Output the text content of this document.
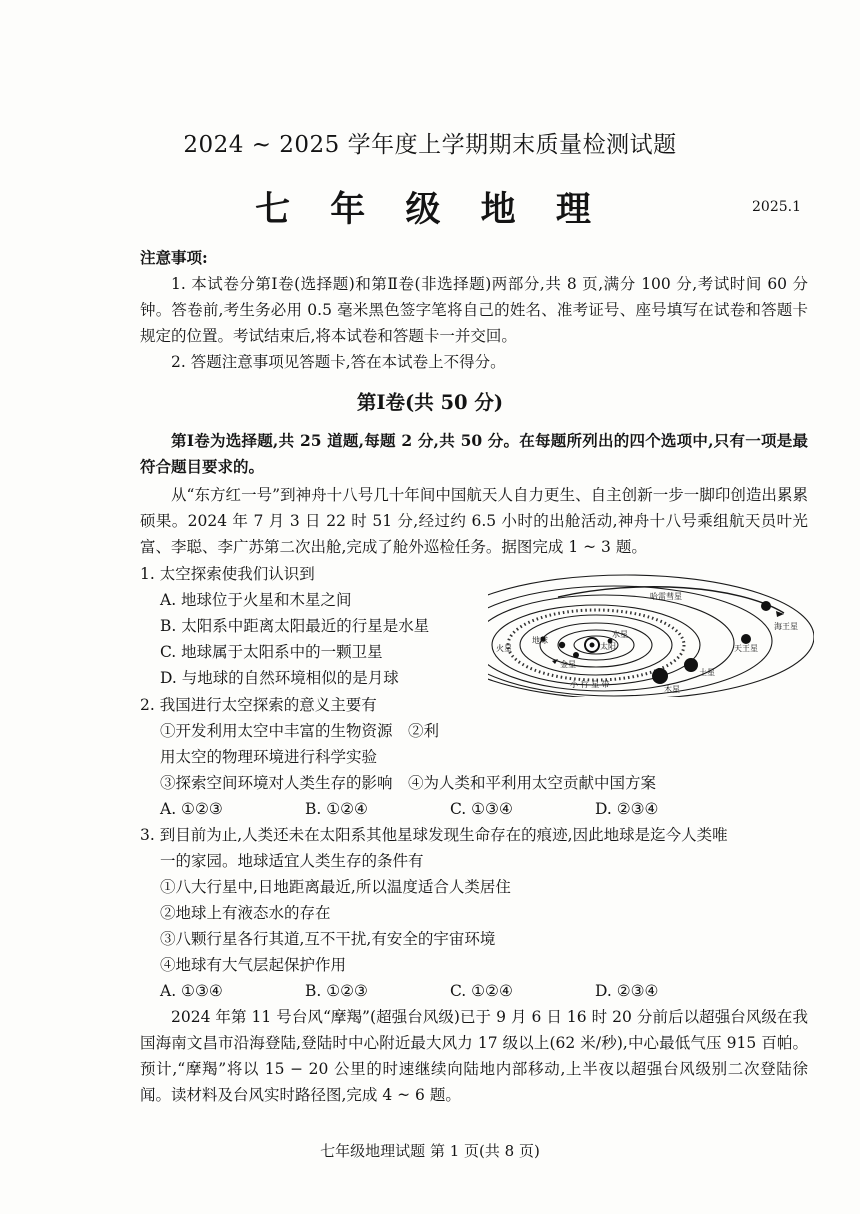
2024 ~ 2025 学年度上学期期末质量检测试题
七 年 级 地 理	2025.1
注意事项:
1. 本试卷分第Ⅰ卷(选择题)和第Ⅱ卷(非选择题)两部分,共 8 页,满分 100 分,考试时间 60 分钟。答卷前,考生务必用 0.5 毫米黑色签字笔将自己的姓名、准考证号、座号填写在试卷和答题卡规定的位置。考试结束后,将本试卷和答题卡一并交回。
2. 答题注意事项见答题卡,答在本试卷上不得分。
第Ⅰ卷(共 50 分)
第Ⅰ卷为选择题,共 25 道题,每题 2 分,共 50 分。在每题所列出的四个选项中,只有一项是最符合题目要求的。
从“东方红一号”到神舟十八号几十年间中国航天人自力更生、自主创新一步一脚印创造出累累硕果。2024 年 7 月 3 日 22 时 51 分,经过约 6.5 小时的出舱活动,神舟十八号乘组航天员叶光富、李聪、李广苏第二次出舱,完成了舱外巡检任务。据图完成 1 ~ 3 题。
1. 太空探索使我们认识到
A. 地球位于火星和木星之间
B. 太阳系中距离太阳最近的行星是水星
C. 地球属于太阳系中的一颗卫星
D. 与地球的自然环境相似的是月球
哈雷彗星
火星
地球
金星
水星
太阳
木星
土星
天王星
海王星
小 行 星 带
2. 我国进行太空探索的意义主要有
①开发利用太空中丰富的生物资源　②利
用太空的物理环境进行科学实验
③探索空间环境对人类生存的影响　④为人类和平利用太空贡献中国方案
A. ①②③	B. ①②④	C. ①③④	D. ②③④
3. 到目前为止,人类还未在太阳系其他星球发现生命存在的痕迹,因此地球是迄今人类唯
一的家园。地球适宜人类生存的条件有
①八大行星中,日地距离最近,所以温度适合人类居住
②地球上有液态水的存在
③八颗行星各行其道,互不干扰,有安全的宇宙环境
④地球有大气层起保护作用
A. ①③④	B. ①②③	C. ①②④	D. ②③④
2024 年第 11 号台风“摩羯”(超强台风级)已于 9 月 6 日 16 时 20 分前后以超强台风级在我国海南文昌市沿海登陆,登陆时中心附近最大风力 17 级以上(62 米/秒),中心最低气压 915 百帕。预计,“摩羯”将以 15 − 20 公里的时速继续向陆地内部移动,上半夜以超强台风级别二次登陆徐闻。读材料及台风实时路径图,完成 4 ~ 6 题。
七年级地理试题 第 1 页(共 8 页)
